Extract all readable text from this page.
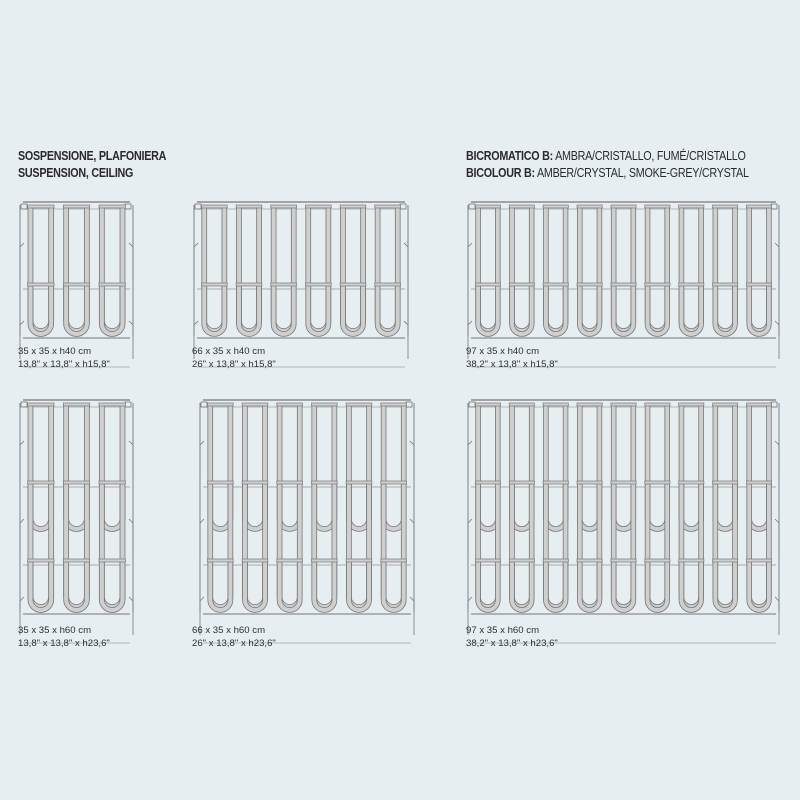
SOSPENSIONE, PLAFONIERA
SUSPENSION, CEILING
BICROMATICO B: AMBRA/CRISTALLO, FUMÉ/CRISTALLO
BICOLOUR B: AMBER/CRYSTAL, SMOKE-GREY/CRYSTAL
35 x 35 x h40 cm
13,8" x 13,8" x h15,8"
66 x 35 x h40 cm
26" x 13,8" x h15,8"
97 x 35 x h40 cm
38,2" x 13,8" x h15,8"
35 x 35 x h60 cm
13,8" x 13,8" x h23,6"
66 x 35 x h60 cm
26" x 13,8" x h23,6"
97 x 35 x h60 cm
38,2" x 13,8" x h23,6"
